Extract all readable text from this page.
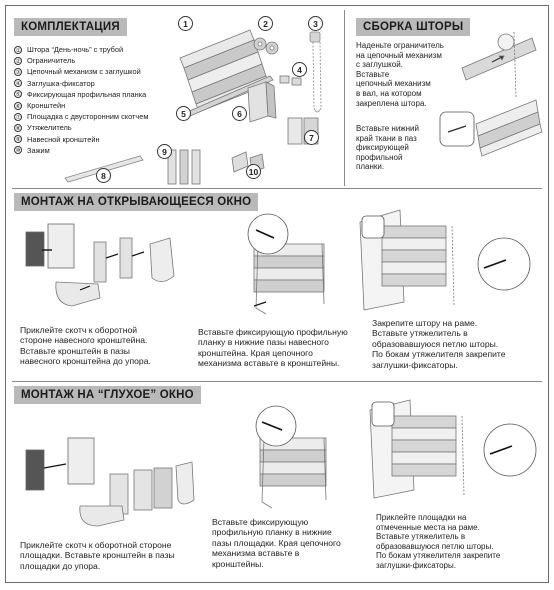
КОМПЛЕКТАЦИЯ
① Штора “День-ночь” с трубой
② Ограничитель
③ Цепочный механизм с заглушкой
④ Заглушка-фиксатор
⑤ Фиксирующая профильная планка
⑥ Кронштейн
⑦ Площадка с двусторонним скотчем
⑧ Утяжелитель
⑨ Навесной кронштейн
⑩ Зажим
1	2	3
4
5	6
7
8
9
10
СБОРКА ШТОРЫ
Наденьте ограничитель
на цепочный механизм
с заглушкой.
Вставьте
цепочный механизм
в вал, на котором
закреплена штора.
Вставьте нижний
край ткани в паз
фиксирующей
профильной
планки.
МОНТАЖ НА ОТКРЫВАЮЩЕЕСЯ ОКНО
Приклейте скотч к оборотной
стороне навесного кронштейна.
Вставьте кронштейн в пазы
навесного кронштейна до упора.
Вставьте фиксирующую профильную
планку в нижние пазы навесного
кронштейна. Края цепочного
механизма вставьте в кронштейны.
Закрепите штору на раме.
Вставьте утяжелитель в
образовавшуюся петлю шторы.
По бокам утяжелителя закрепите
заглушки-фиксаторы.
МОНТАЖ НА “ГЛУХОЕ” ОКНО
Приклейте скотч к оборотной стороне
площадки. Вставьте кронштейн в пазы
площадки до упора.
Вставьте фиксирующую
профильную планку в нижние
пазы площадки. Края цепочного
механизма вставьте в
кронштейны.
Приклейте площадки на
отмеченные места на раме.
Вставьте утяжелитель в
образовавшуюся петлю шторы.
По бокам утяжелителя закрепите
заглушки-фиксаторы.
